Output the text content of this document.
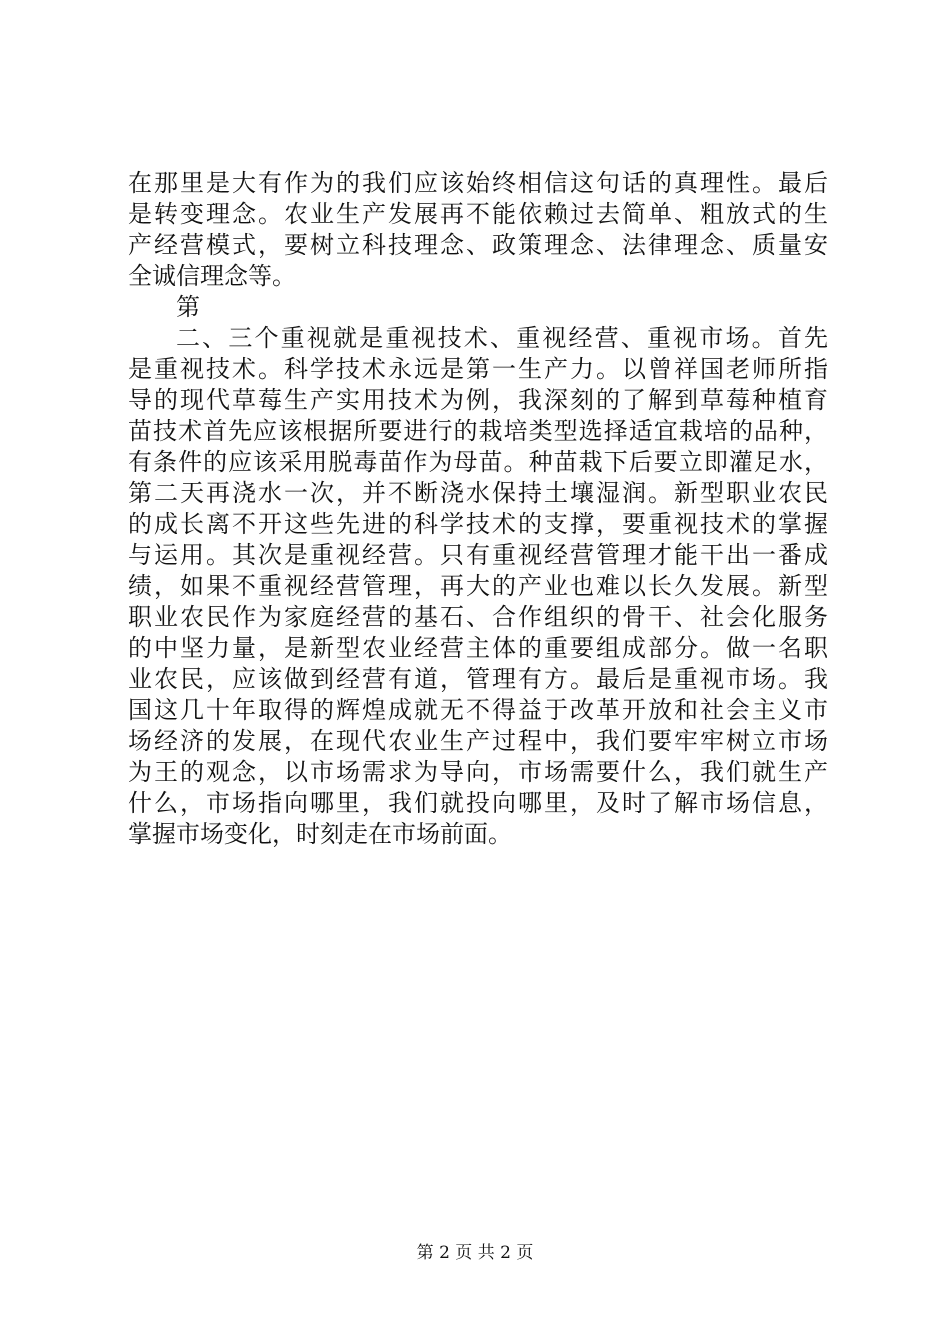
在那里是大有作为的我们应该始终相信这句话的真理性。最后
是转变理念。农业生产发展再不能依赖过去简单、粗放式的生
产经营模式，要树立科技理念、政策理念、法律理念、质量安
全诚信理念等。
第
二、三个重视就是重视技术、重视经营、重视市场。首先
是重视技术。科学技术永远是第一生产力。以曾祥国老师所指
导的现代草莓生产实用技术为例，我深刻的了解到草莓种植育
苗技术首先应该根据所要进行的栽培类型选择适宜栽培的品种，
有条件的应该采用脱毒苗作为母苗。种苗栽下后要立即灌足水，
第二天再浇水一次，并不断浇水保持土壤湿润。新型职业农民
的成长离不开这些先进的科学技术的支撑，要重视技术的掌握
与运用。其次是重视经营。只有重视经营管理才能干出一番成
绩，如果不重视经营管理，再大的产业也难以长久发展。新型
职业农民作为家庭经营的基石、合作组织的骨干、社会化服务
的中坚力量，是新型农业经营主体的重要组成部分。做一名职
业农民，应该做到经营有道，管理有方。最后是重视市场。我
国这几十年取得的辉煌成就无不得益于改革开放和社会主义市
场经济的发展，在现代农业生产过程中，我们要牢牢树立市场
为王的观念，以市场需求为导向，市场需要什么，我们就生产
什么，市场指向哪里，我们就投向哪里，及时了解市场信息，
掌握市场变化，时刻走在市场前面。
第 2 页 共 2 页
